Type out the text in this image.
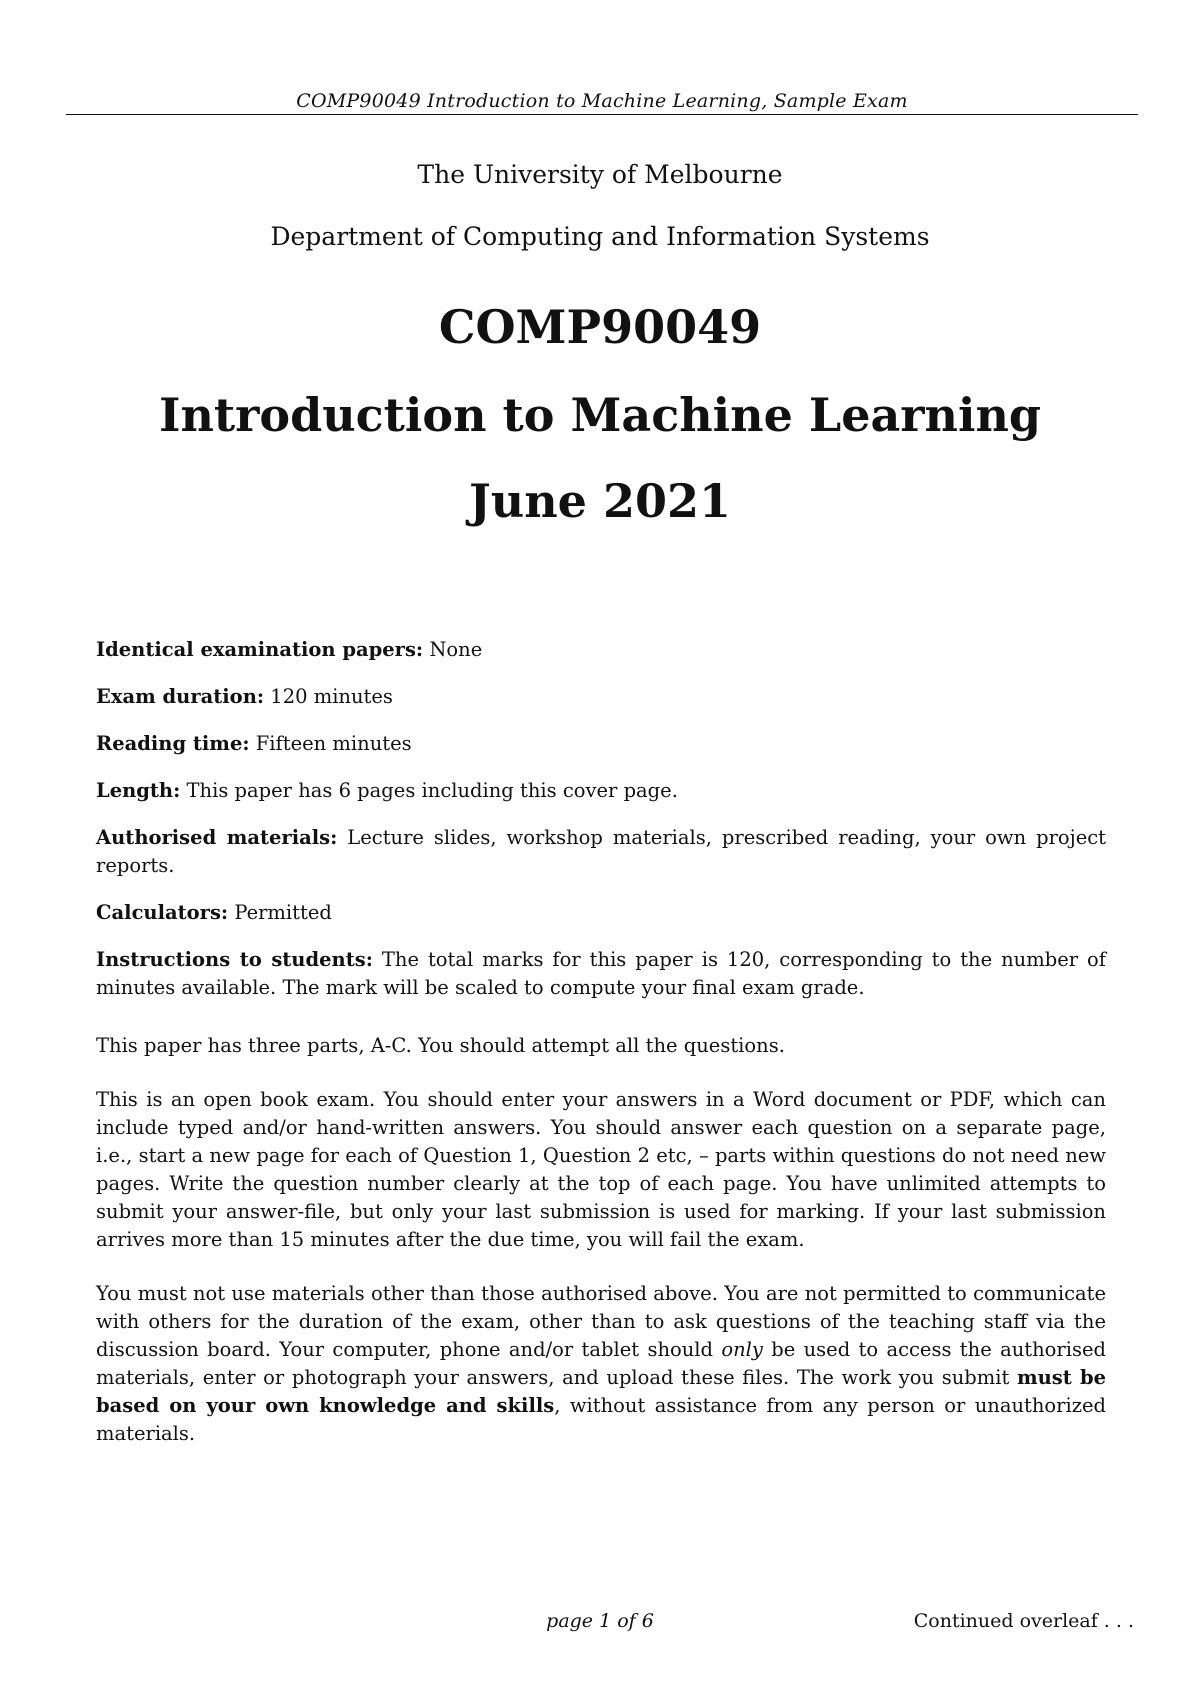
COMP90049 Introduction to Machine Learning, Sample Exam
The University of Melbourne
Department of Computing and Information Systems
COMP90049
Introduction to Machine Learning
June 2021

Identical examination papers: None

Exam duration: 120 minutes

Reading time: Fifteen minutes

Length: This paper has 6 pages including this cover page.

Authorised materials: Lecture slides, workshop materials, prescribed reading, your own project reports.

Calculators: Permitted

Instructions to students: The total marks for this paper is 120, corresponding to the number of minutes available. The mark will be scaled to compute your final exam grade.

This paper has three parts, A-C. You should attempt all the questions.

This is an open book exam. You should enter your answers in a Word document or PDF, which can include typed and/or hand-written answers. You should answer each question on a separate page, i.e., start a new page for each of Question 1, Question 2 etc, – parts within questions do not need new pages. Write the question number clearly at the top of each page. You have unlimited attempts to submit your answer-file, but only your last submission is used for marking. If your last submission arrives more than 15 minutes after the due time, you will fail the exam.

You must not use materials other than those authorised above. You are not permitted to communicate with others for the duration of the exam, other than to ask questions of the teaching staff via the discussion board. Your computer, phone and/or tablet should only be used to access the authorised materials, enter or photograph your answers, and upload these files. The work you submit must be based on your own knowledge and skills, without assistance from any person or unauthorized materials.

page 1 of 6	Continued overleaf . . .
